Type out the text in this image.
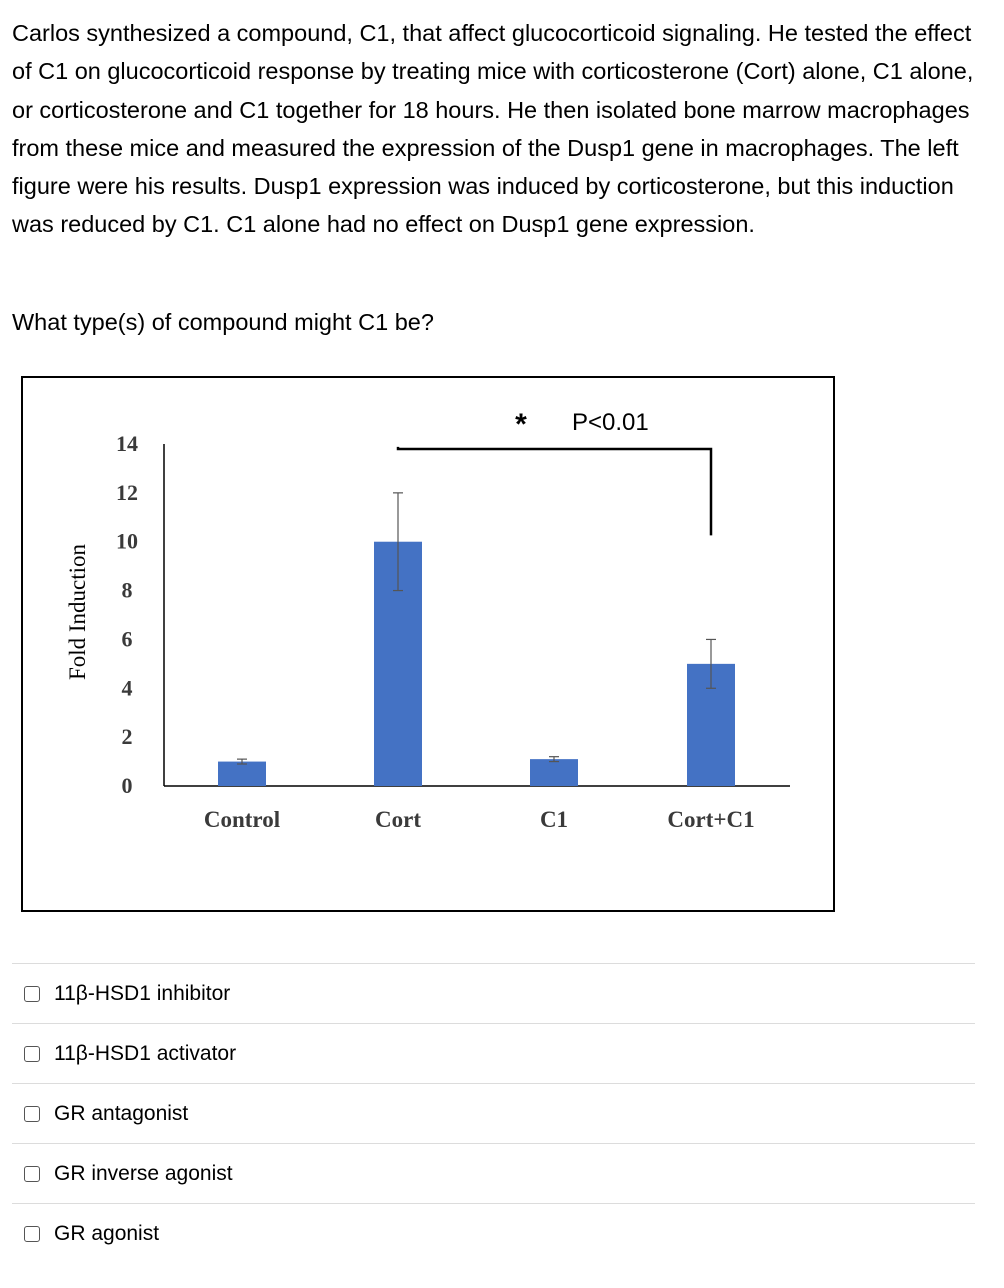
Carlos synthesized a compound, C1, that affect glucocorticoid signaling. He tested the effect of C1 on glucocorticoid response by treating mice with corticosterone (Cort) alone, C1 alone, or corticosterone and C1 together for 18 hours. He then isolated bone marrow macrophages from these mice and measured the expression of the Dusp1 gene in macrophages. The left figure were his results. Dusp1 expression was induced by corticosterone, but this induction was reduced by C1. C1 alone had no effect on Dusp1 gene expression.

What type(s) of compound might C1 be?

Fold Induction
0
2
4
6
8
10
12
14
Control	Cort	C1	Cort+C1
* P<0.01
11β-HSD1 inhibitor
11β-HSD1 activator
GR antagonist
GR inverse agonist
GR agonist
